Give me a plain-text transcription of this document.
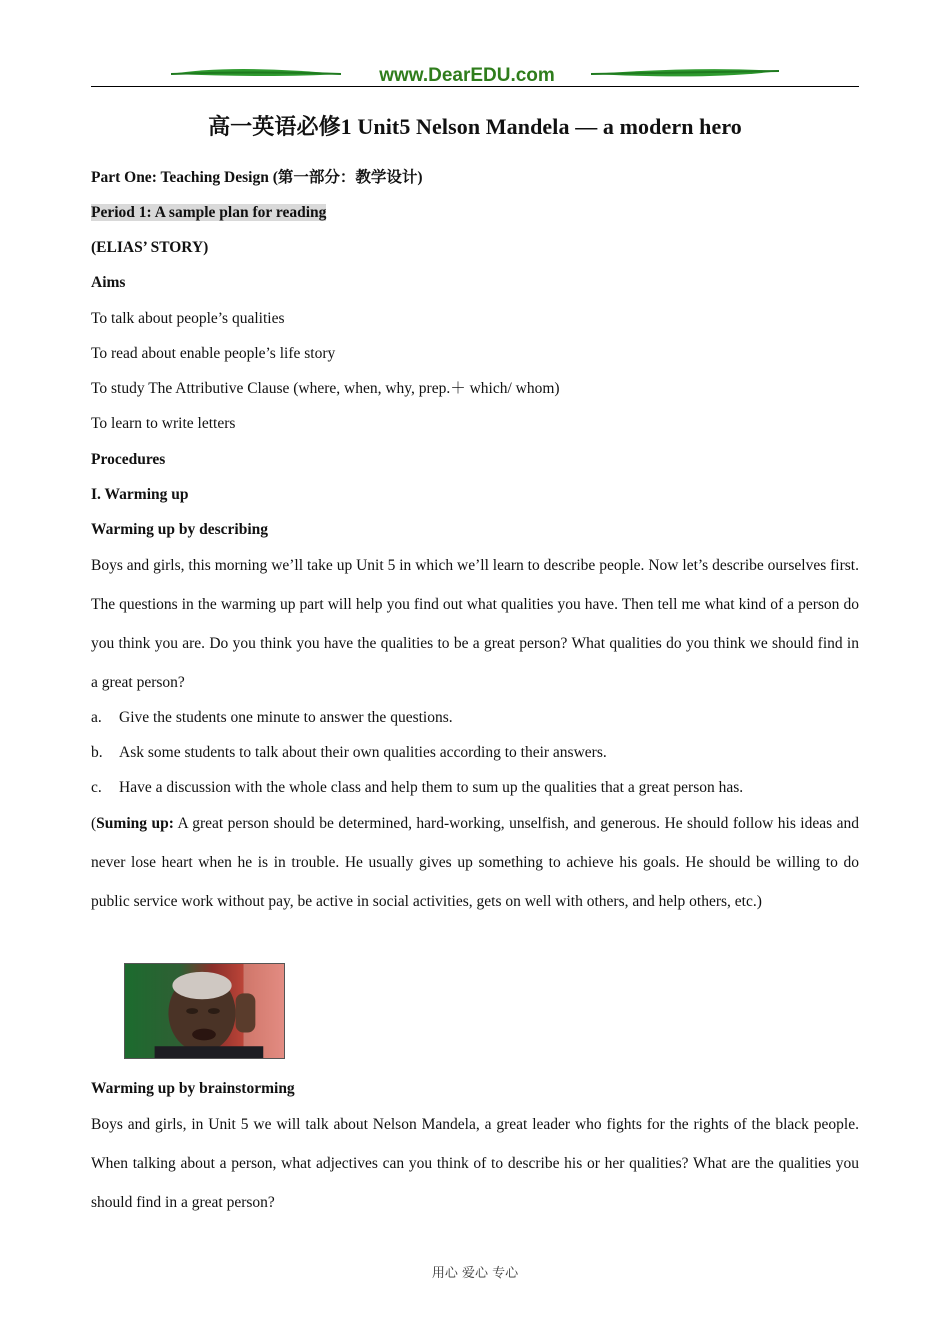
www.DearEDU.com
高一英语必修1 Unit5 Nelson Mandela — a modern hero
Part One: Teaching Design (第一部分：教学设计)
Period 1: A sample plan for reading
(ELIAS’ STORY)
Aims
To talk about people’s qualities
To read about enable people’s life story
To study The Attributive Clause (where, when, why, prep.＋ which/ whom)
To learn to write letters
Procedures
I. Warming up
Warming up by describing
Boys and girls, this morning we’ll take up Unit 5 in which we’ll learn to describe people. Now let’s describe ourselves first. The questions in the warming up part will help you find out what qualities you have. Then tell me what kind of a person do you think you are. Do you think you have the qualities to be a great person? What qualities do you think we should find in a great person?
a. Give the students one minute to answer the questions.
b. Ask some students to talk about their own qualities according to their answers.
c. Have a discussion with the whole class and help them to sum up the qualities that a great person has.
(Suming up: A great person should be determined, hard-working, unselfish, and generous. He should follow his ideas and never lose heart when he is in trouble. He usually gives up something to achieve his goals. He should be willing to do public service work without pay, be active in social activities, gets on well with others, and help others, etc.)
Warming up by brainstorming
Boys and girls, in Unit 5 we will talk about Nelson Mandela, a great leader who fights for the rights of the black people. When talking about a person, what adjectives can you think of to describe his or her qualities? What are the qualities you should find in a great person?
用心 爱心 专心
